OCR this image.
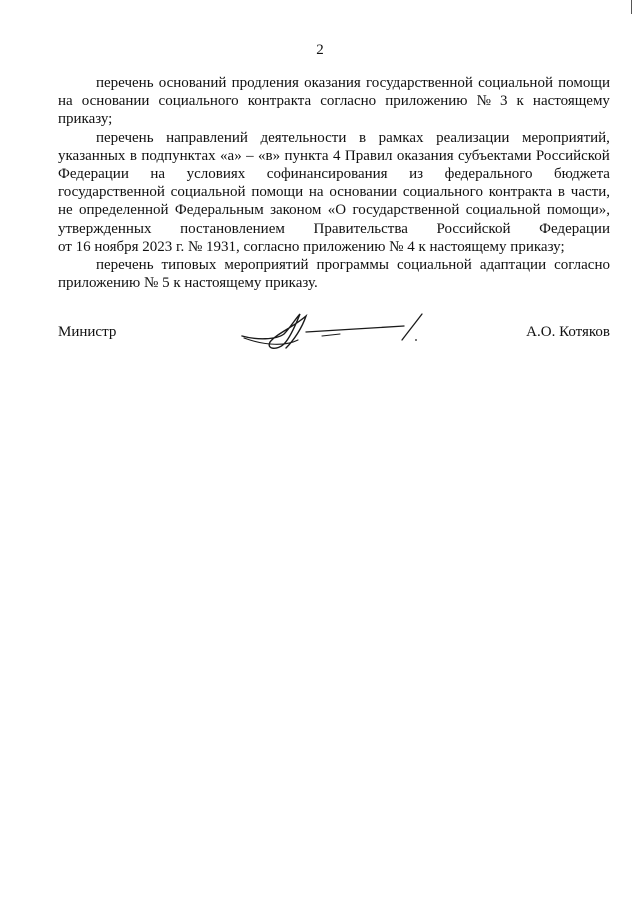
2
перечень оснований продления оказания государственной социальной помощи
на основании социального контракта согласно приложению № 3 к настоящему
приказу;
перечень направлений деятельности в рамках реализации мероприятий,
указанных в подпунктах «а» – «в» пункта 4 Правил оказания субъектами Российской
Федерации на условиях софинансирования из федерального бюджета
государственной социальной помощи на основании социального контракта в части,
не определенной Федеральным законом «О государственной социальной помощи»,
утвержденных постановлением Правительства Российской Федерации
от 16 ноября 2023 г. № 1931, согласно приложению № 4 к настоящему приказу;
перечень типовых мероприятий программы социальной адаптации согласно
приложению № 5 к настоящему приказу.
Министр	А.О. Котяков
